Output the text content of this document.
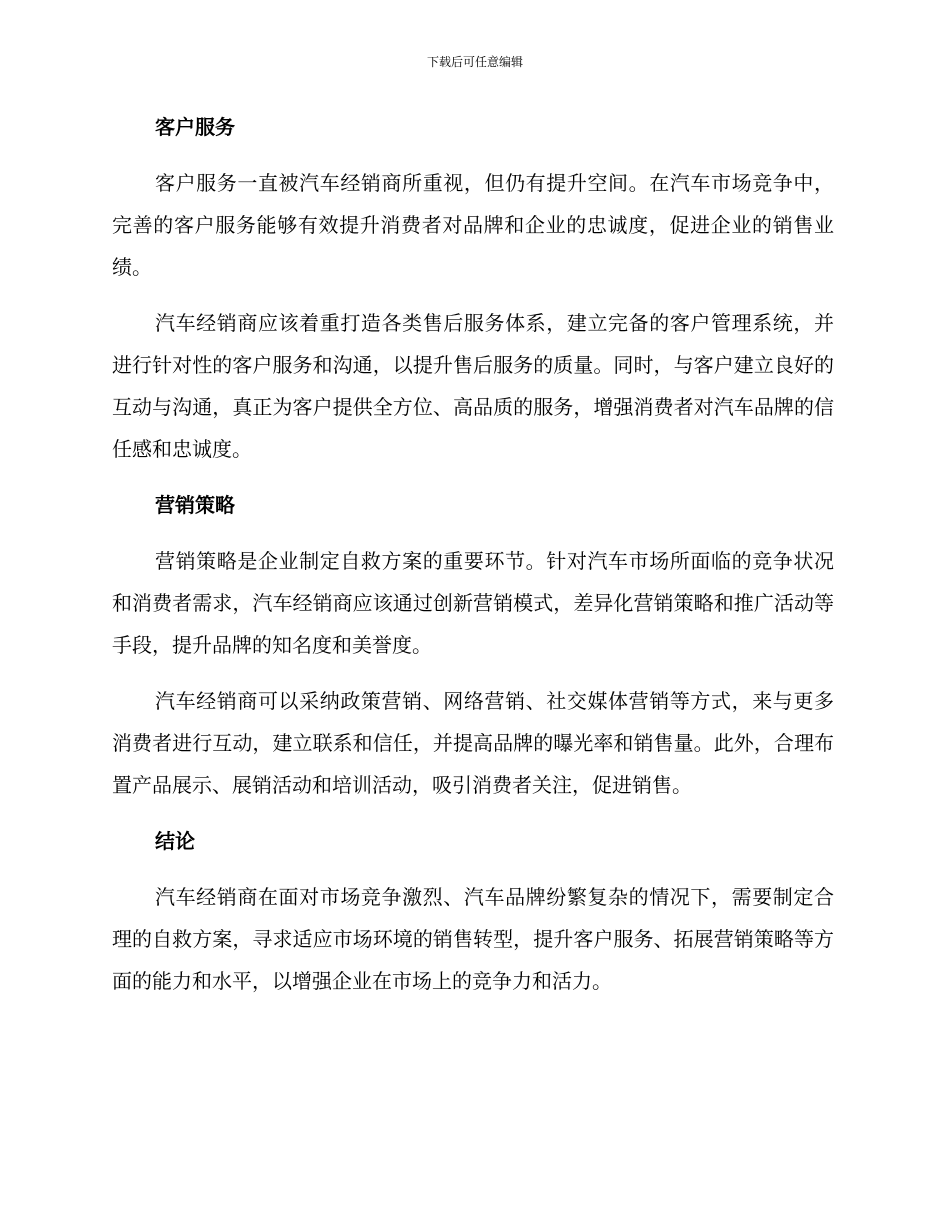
下载后可任意编辑
客户服务

客户服务一直被汽车经销商所重视，但仍有提升空间。在汽车市场竞争中，完善的客户服务能够有效提升消费者对品牌和企业的忠诚度，促进企业的销售业绩。

汽车经销商应该着重打造各类售后服务体系，建立完备的客户管理系统，并进行针对性的客户服务和沟通，以提升售后服务的质量。同时，与客户建立良好的互动与沟通，真正为客户提供全方位、高品质的服务，增强消费者对汽车品牌的信任感和忠诚度。

营销策略

营销策略是企业制定自救方案的重要环节。针对汽车市场所面临的竞争状况和消费者需求，汽车经销商应该通过创新营销模式，差异化营销策略和推广活动等手段，提升品牌的知名度和美誉度。

汽车经销商可以采纳政策营销、网络营销、社交媒体营销等方式，来与更多消费者进行互动，建立联系和信任，并提高品牌的曝光率和销售量。此外，合理布置产品展示、展销活动和培训活动，吸引消费者关注，促进销售。

结论

汽车经销商在面对市场竞争激烈、汽车品牌纷繁复杂的情况下，需要制定合理的自救方案，寻求适应市场环境的销售转型，提升客户服务、拓展营销策略等方面的能力和水平，以增强企业在市场上的竞争力和活力。
